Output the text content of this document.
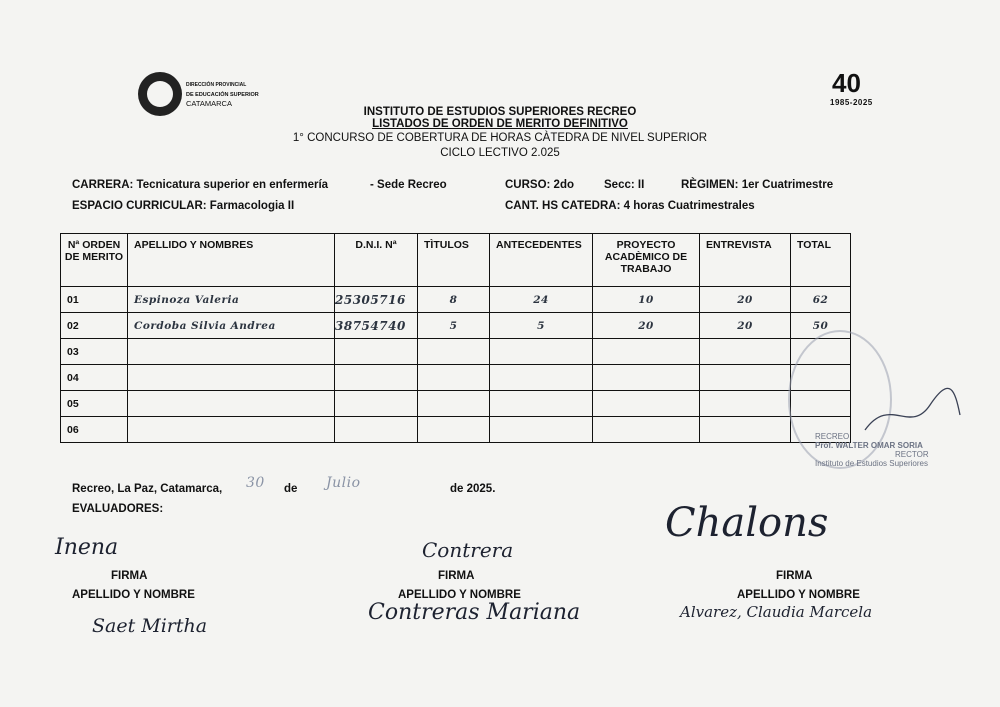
DIRECCIÓN PROVINCIAL
DE EDUCACIÓN SUPERIOR
CATAMARCA
40
1985-2025
INSTITUTO DE ESTUDIOS SUPERIORES RECREO
LISTADOS DE ORDEN DE MERITO DEFINITIVO
1° CONCURSO DE COBERTURA DE HORAS CÀTEDRA DE NIVEL SUPERIOR
CICLO LECTIVO 2.025
CARRERA: Tecnicatura superior en enfermería	- Sede Recreo	CURSO: 2do	Secc: II	RÈGIMEN: 1er Cuatrimestre
ESPACIO CURRICULAR: Farmacologia II	CANT. HS CATEDRA: 4 horas Cuatrimestrales
Nª ORDEN DE MERITO	APELLIDO Y NOMBRES	D.N.I. Nª	TÌTULOS	ANTECEDENTES	PROYECTO ACADÈMICO DE TRABAJO	ENTREVISTA	TOTAL
01	Espinoza Valeria	25305716	8	24	10	20	62
02	Cordoba Silvia Andrea	38754740	5	5	20	20	50
03							
04							
05							
06							
RECREO
Prof. WALTER OMAR SORIA
RECTOR
Instituto de Estudios Superiores
Recreo, La Paz, Catamarca, 30 de Julio	de 2025.
EVALUADORES:
Inena
FIRMA
APELLIDO Y NOMBRE
Saet Mirtha
Contrera
FIRMA
APELLIDO Y NOMBRE
Contreras Mariana
Chalons
FIRMA
APELLIDO Y NOMBRE
Alvarez, Claudia Marcela
